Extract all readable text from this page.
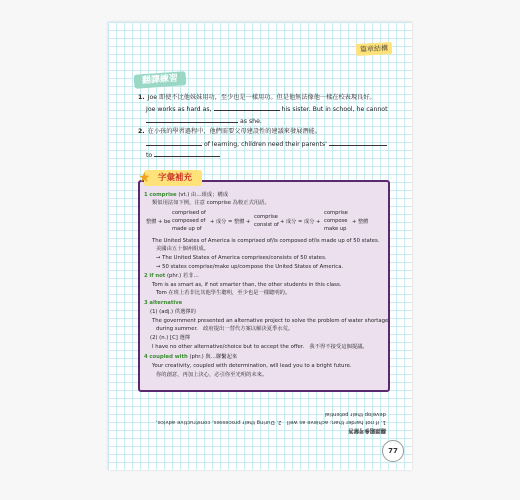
篇章結構
翻譯練習
1. Joe 即使不比他妹妹用功，至少也是一樣用功。但是他無法像他一樣在校表現良好。
Joe works as hard as,	his sister. But in school, he cannot
as she.
2. 在小孩的學習過程中，他們需要父母建設性的建議來發展潛能。
of learning, children need their parents'
to
字彙補充
★
1 comprise (vt.) 由…組成；構成
類似用法如下例，注意 comprise 為較正式用語。
整體 + be
comprised of
composed of
made up of
+ 成分 = 整體 +
comprise
consist of + 成分 = 成分 +
comprise
compose
make up
+ 整體
The United States of America is comprised of/is composed of/is made up of 50 states.
美國由五十個州組成。
→ The United States of America comprises/consists of 50 states.
→ 50 states comprise/make up/compose the United States of America.
2 if not (phr.) 若非…
Tom is as smart as, if not smarter than, the other students in this class.
Tom 在班上若非比其他學生聰明，至少也是一樣聰明的。
3 alternative
(1) (adj.) 供選擇的
The government presented an alternative project to solve the problem of water shortage
during summer.　政府提出一替代方案以解決夏季水荒。
(2) (n.) [C] 選擇
I have no other alternative/choice but to accept the offer.　我不得不接受這個提議。
4 coupled with (phr.) 與…聯繫起來
Your creativity, coupled with determination, will lead you to a bright future.
你的創意，再加上決心，必引你至光明的未來。
翻譯題參考解答
1. if not harder than; achieve as well　2. During their processes, constructive advice, develop their potential
77
